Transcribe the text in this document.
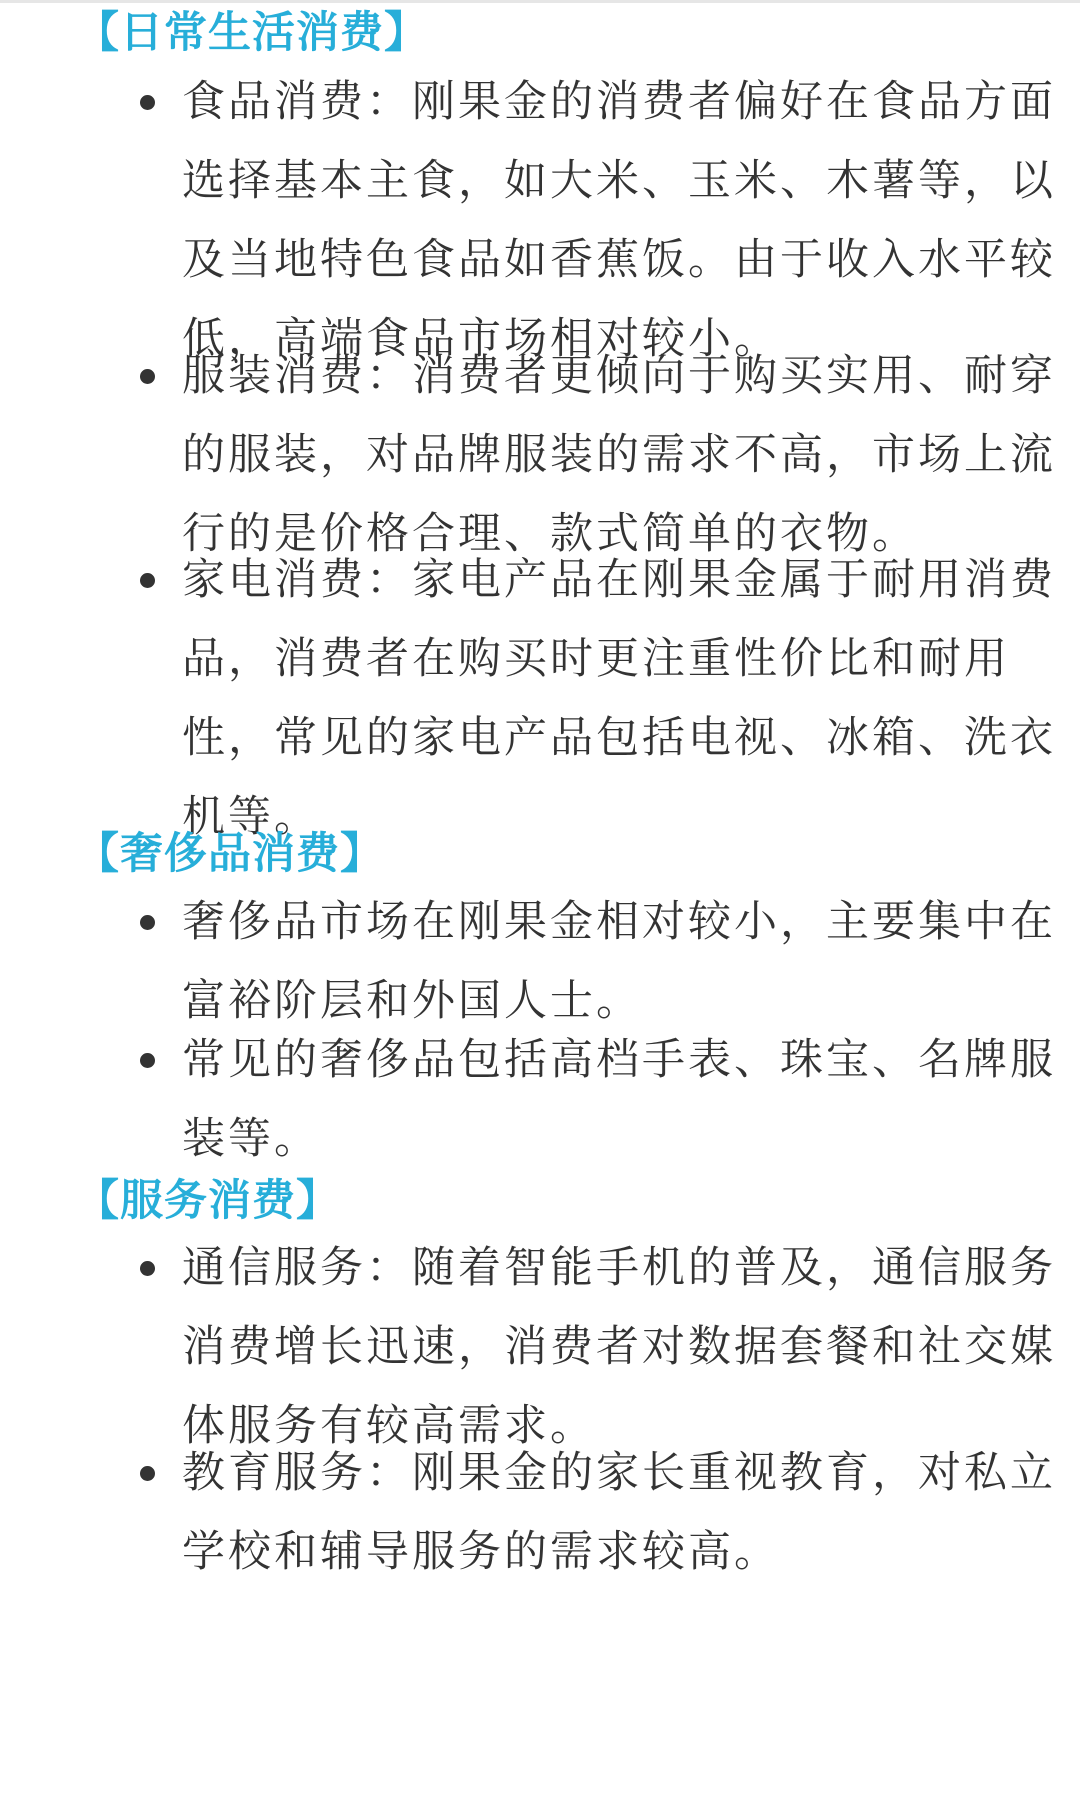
【日常生活消费】
食品消费：刚果金的消费者偏好在食品方面选择基本主食，如大米、玉米、木薯等，以及当地特色食品如香蕉饭。由于收入水平较低，高端食品市场相对较小。
服装消费：消费者更倾向于购买实用、耐穿的服装，对品牌服装的需求不高，市场上流行的是价格合理、款式简单的衣物。
家电消费：家电产品在刚果金属于耐用消费品，消费者在购买时更注重性价比和耐用性，常见的家电产品包括电视、冰箱、洗衣机等。
【奢侈品消费】
奢侈品市场在刚果金相对较小，主要集中在富裕阶层和外国人士。
常见的奢侈品包括高档手表、珠宝、名牌服装等。
【服务消费】
通信服务：随着智能手机的普及，通信服务消费增长迅速，消费者对数据套餐和社交媒体服务有较高需求。
教育服务：刚果金的家长重视教育，对私立学校和辅导服务的需求较高。
